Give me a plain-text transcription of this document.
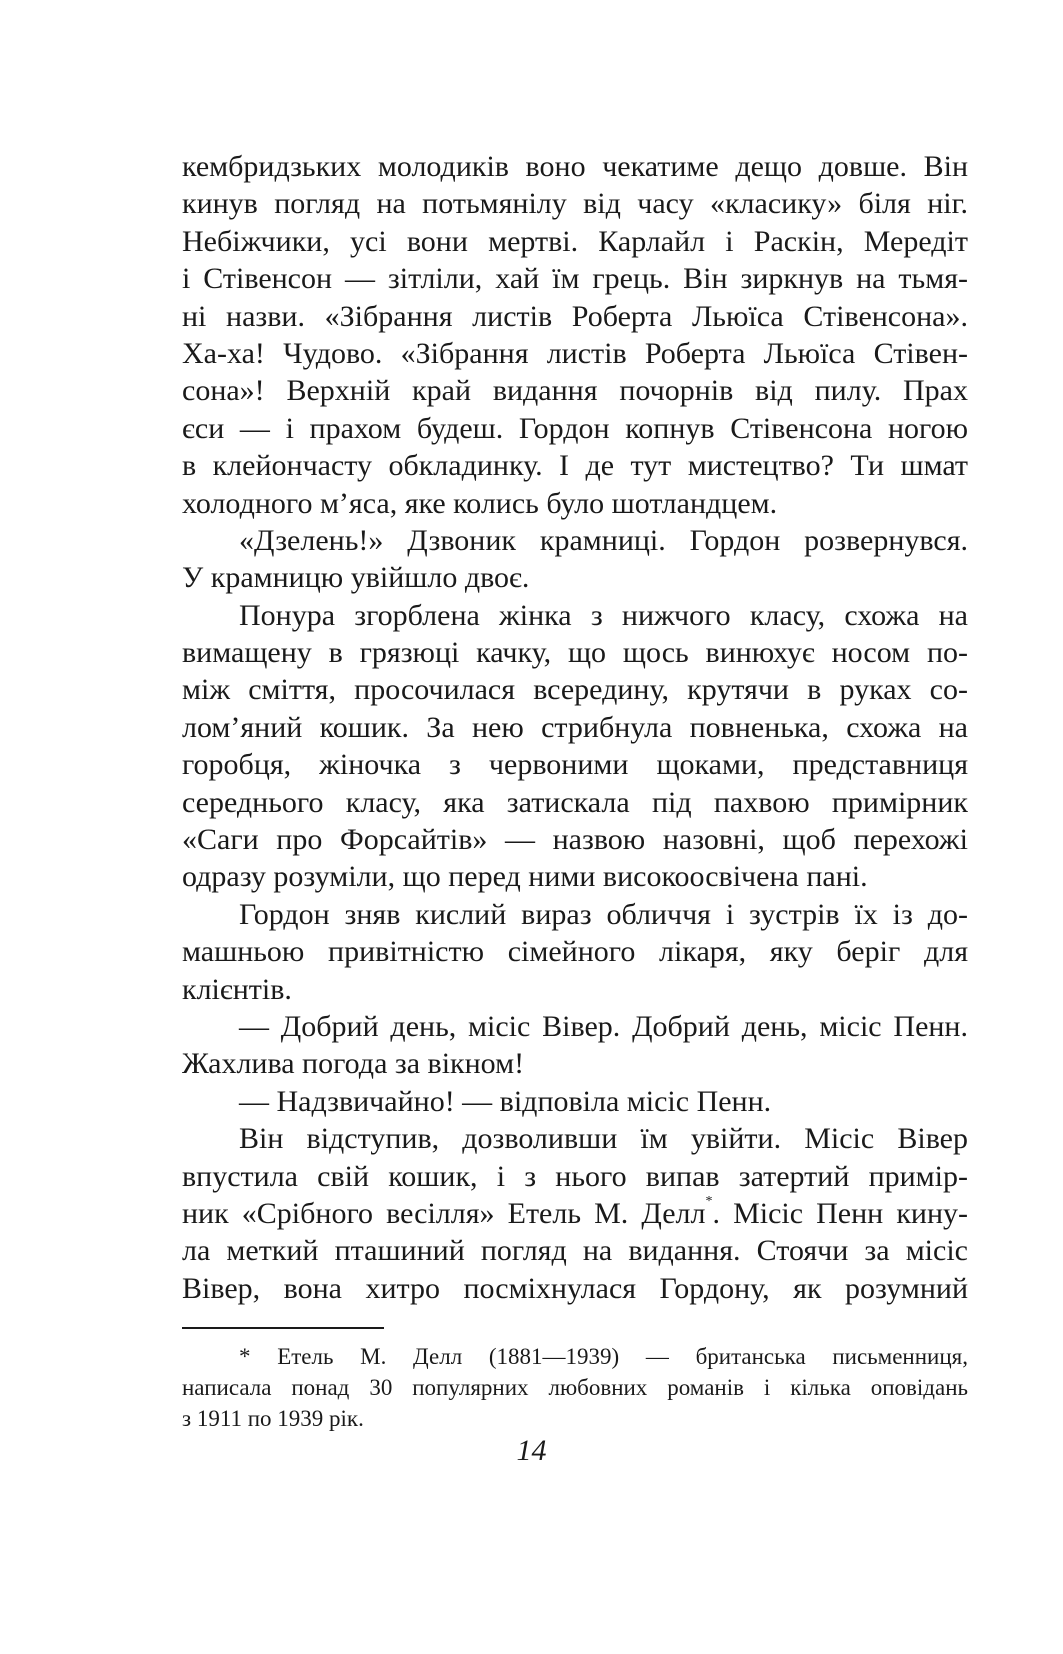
кембридзьких молодиків воно чекатиме дещо довше. Він
кинув погляд на потьмянілу від часу «класику» біля ніг.
Небіжчики, усі вони мертві. Карлайл і Раскін, Мередіт
і Стівенсон — зітліли, хай їм грець. Він зиркнув на тьмя-
ні назви. «Зібрання листів Роберта Льюїса Стівенсона».
Ха-ха! Чудово. «Зібрання листів Роберта Льюїса Стівен-
сона»! Верхній край видання почорнів від пилу. Прах
єси — і прахом будеш. Гордон копнув Стівенсона ногою
в клейончасту обкладинку. І де тут мистецтво? Ти шмат
холодного м’яса, яке колись було шотландцем.
«Дзелень!» Дзвоник крамниці. Гордон розвернувся.
У крамницю увійшло двоє.
Понура згорблена жінка з нижчого класу, схожа на
вимащену в грязюці качку, що щось винюхує носом по-
між сміття, просочилася всередину, крутячи в руках со-
лом’яний кошик. За нею стрибнула повненька, схожа на
горобця, жіночка з червоними щоками, представниця
середнього класу, яка затискала під пахвою примірник
«Саги про Форсайтів» — назвою назовні, щоб перехожі
одразу розуміли, що перед ними високоосвічена пані.
Гордон зняв кислий вираз обличчя і зустрів їх із до-
машньою привітністю сімейного лікаря, яку беріг для
клієнтів.
— Добрий день, місіс Вівер. Добрий день, місіс Пенн.
Жахлива погода за вікном!
— Надзвичайно! — відповіла місіс Пенн.
Він відступив, дозволивши їм увійти. Місіс Вівер
впустила свій кошик, і з нього випав затертий примір-
ник «Срібного весілля» Етель М. Делл*. Місіс Пенн кину-
ла меткий пташиний погляд на видання. Стоячи за місіс
Вівер, вона хитро посміхнулася Гордону, як розумний
* Етель М. Делл (1881—1939) — британська письменниця,
написала понад 30 популярних любовних романів і кілька оповідань
з 1911 по 1939 рік.
14
